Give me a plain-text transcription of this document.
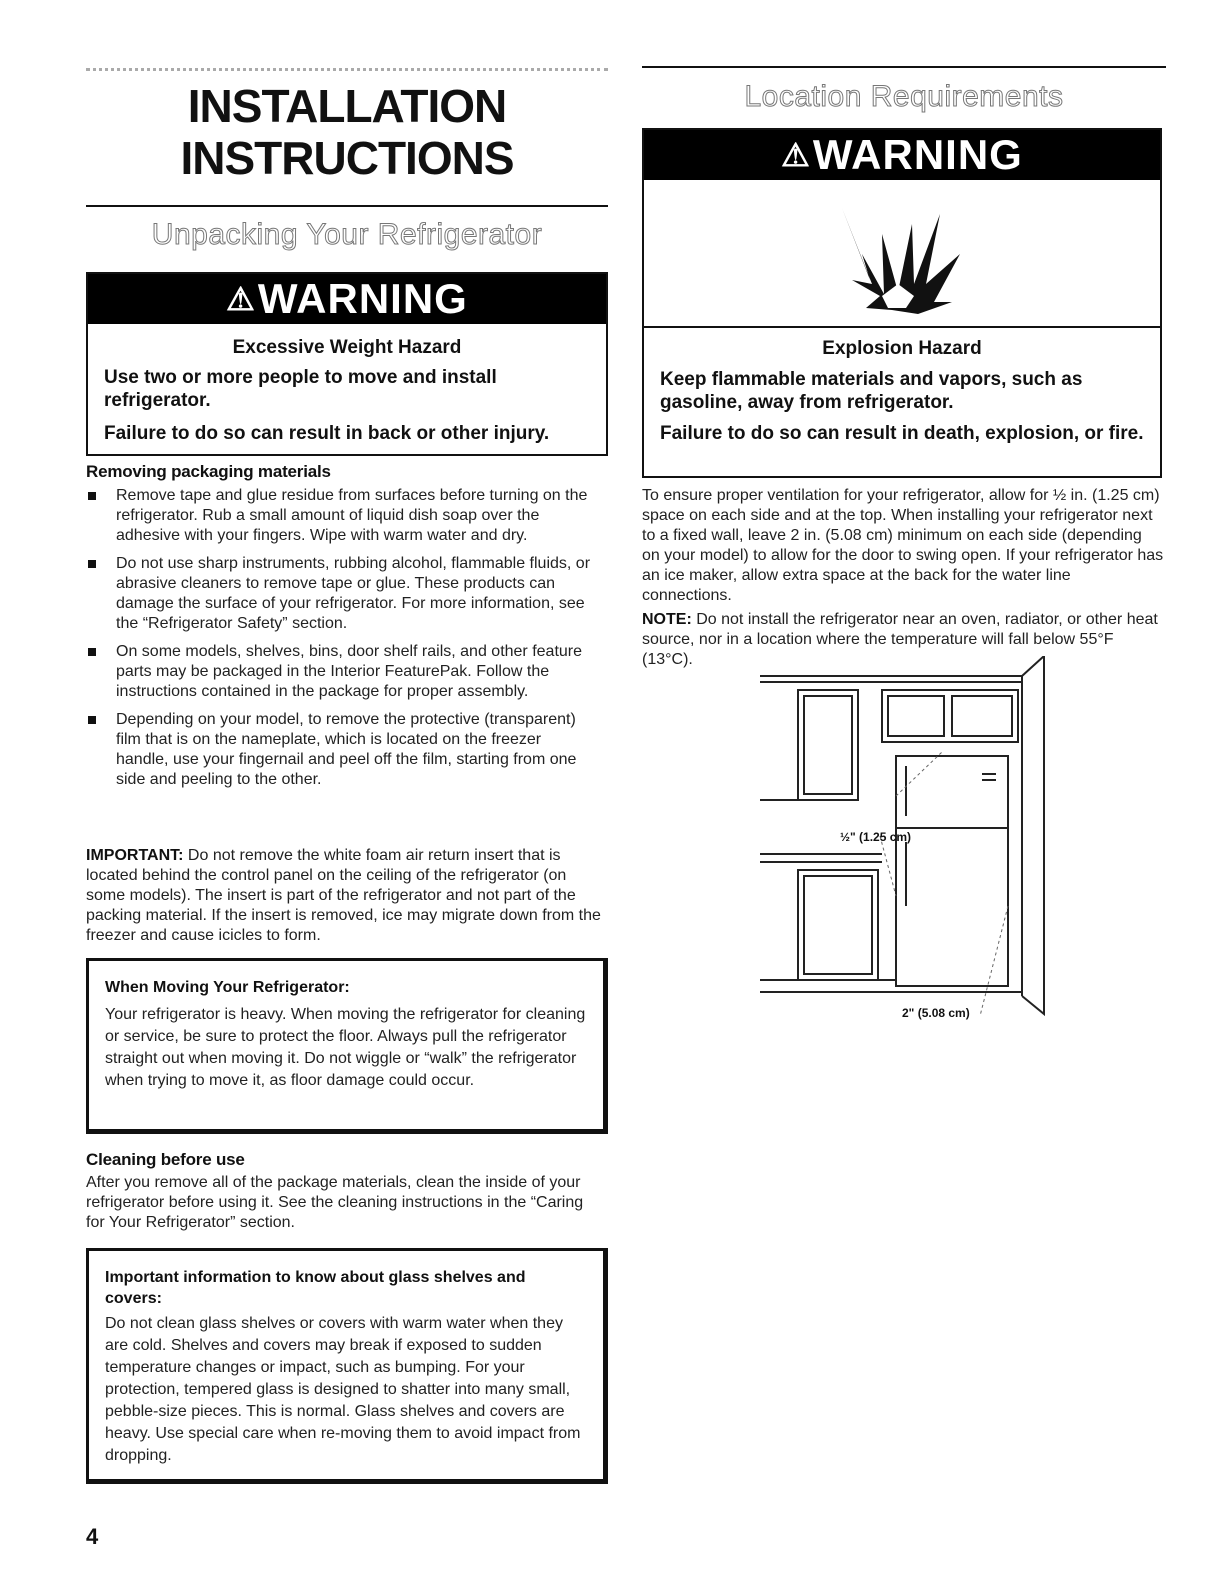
INSTALLATION
INSTRUCTIONS
Unpacking Your Refrigerator
⚠WARNING

Excessive Weight Hazard

Use two or more people to move and install refrigerator.

Failure to do so can result in back or other injury.

Removing packaging materials
Remove tape and glue residue from surfaces before turning on the refrigerator. Rub a small amount of liquid dish soap over the adhesive with your fingers. Wipe with warm water and dry.
Do not use sharp instruments, rubbing alcohol, flammable fluids, or abrasive cleaners to remove tape or glue. These products can damage the surface of your refrigerator. For more information, see the “Refrigerator Safety” section.
On some models, shelves, bins, door shelf rails, and other feature parts may be packaged in the Interior FeaturePak. Follow the instructions contained in the package for proper assembly.
Depending on your model, to remove the protective (transparent) film that is on the nameplate, which is located on the freezer handle, use your fingernail and peel off the film, starting from one side and peeling to the other.

IMPORTANT: Do not remove the white foam air return insert that is located behind the control panel on the ceiling of the refrigerator (on some models). The insert is part of the refrigerator and not part of the packing material. If the insert is removed, ice may migrate down from the freezer and cause icicles to form.

When Moving Your Refrigerator:

Your refrigerator is heavy. When moving the refrigerator for cleaning or service, be sure to protect the floor. Always pull the refrigerator straight out when moving it. Do not wiggle or “walk” the refrigerator when trying to move it, as floor damage could occur.

Cleaning before use

After you remove all of the package materials, clean the inside of your refrigerator before using it. See the cleaning instructions in the “Caring for Your Refrigerator” section.

Important information to know about glass shelves and covers:

Do not clean glass shelves or covers with warm water when they are cold. Shelves and covers may break if exposed to sudden temperature changes or impact, such as bumping. For your protection, tempered glass is designed to shatter into many small, pebble-size pieces. This is normal. Glass shelves and covers are heavy. Use special care when re-moving them to avoid impact from dropping.

Location Requirements
⚠WARNING

Explosion Hazard

Keep flammable materials and vapors, such as gasoline, away from refrigerator.

Failure to do so can result in death, explosion, or fire.

To ensure proper ventilation for your refrigerator, allow for ½ in. (1.25 cm) space on each side and at the top. When installing your refrigerator next to a fixed wall, leave 2 in. (5.08 cm) minimum on each side (depending on your model) to allow for the door to swing open. If your refrigerator has an ice maker, allow extra space at the back for the water line connections.

NOTE: Do not install the refrigerator near an oven, radiator, or other heat source, nor in a location where the temperature will fall below 55°F (13°C).

½" (1.25 cm)
2" (5.08 cm)
4
